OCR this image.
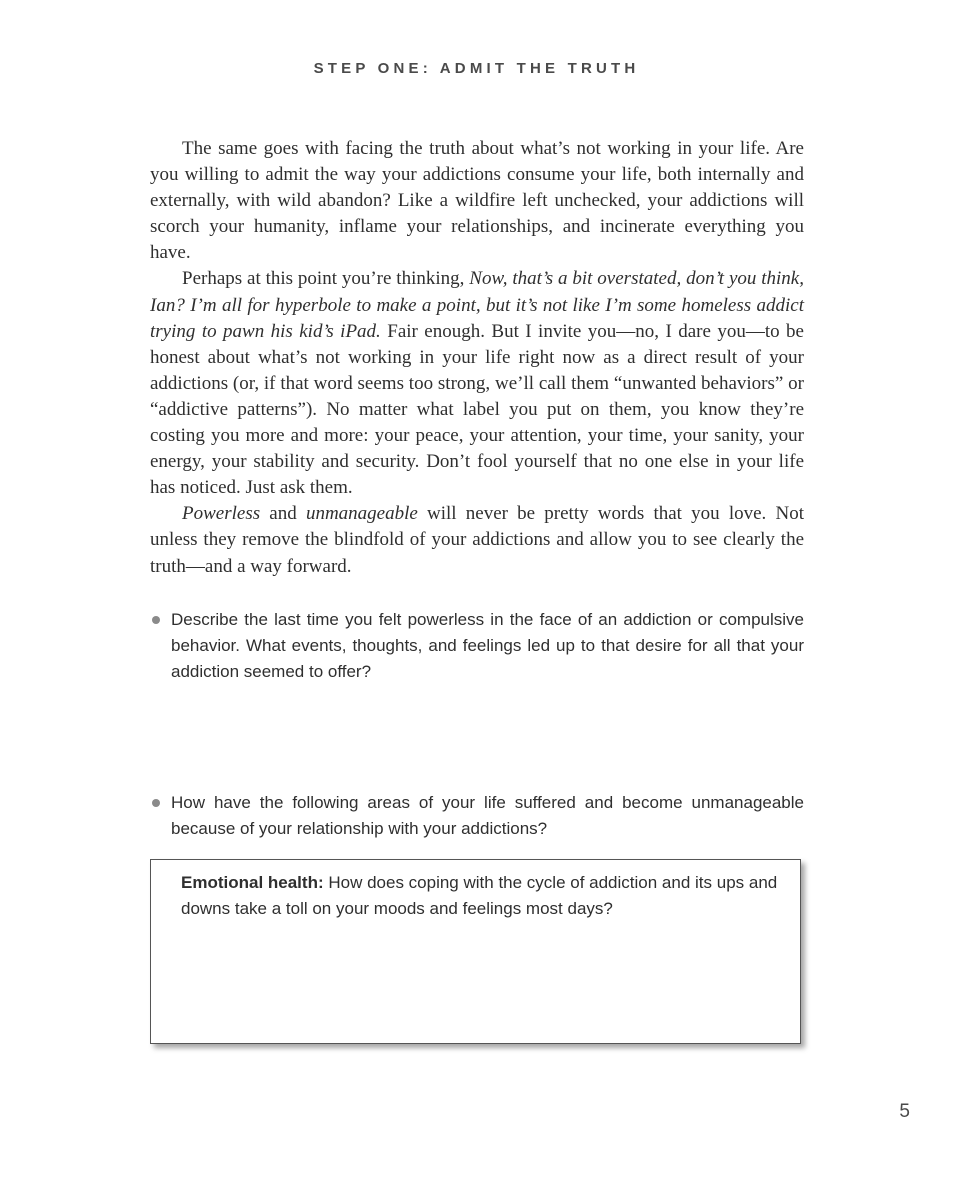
STEP ONE: ADMIT THE TRUTH

The same goes with facing the truth about what’s not working in your life. Are you willing to admit the way your addictions consume your life, both internally and externally, with wild abandon? Like a wildfire left unchecked, your addictions will scorch your humanity, inflame your relationships, and incinerate everything you have.

Perhaps at this point you’re thinking, Now, that’s a bit overstated, don’t you think, Ian? I’m all for hyperbole to make a point, but it’s not like I’m some homeless addict trying to pawn his kid’s iPad. Fair enough. But I invite you—no, I dare you—to be honest about what’s not working in your life right now as a direct result of your addictions (or, if that word seems too strong, we’ll call them “unwanted behaviors” or “addictive patterns”). No matter what label you put on them, you know they’re costing you more and more: your peace, your attention, your time, your sanity, your energy, your stability and security. Don’t fool yourself that no one else in your life has noticed. Just ask them.

Powerless and unmanageable will never be pretty words that you love. Not unless they remove the blindfold of your addictions and allow you to see clearly the truth—and a way forward.

Describe the last time you felt powerless in the face of an addiction or compulsive behavior. What events, thoughts, and feelings led up to that desire for all that your addiction seemed to offer?
How have the following areas of your life suffered and become unmanageable because of your relationship with your addictions?
Emotional health: How does coping with the cycle of addiction and its ups and downs take a toll on your moods and feelings most days?
5
